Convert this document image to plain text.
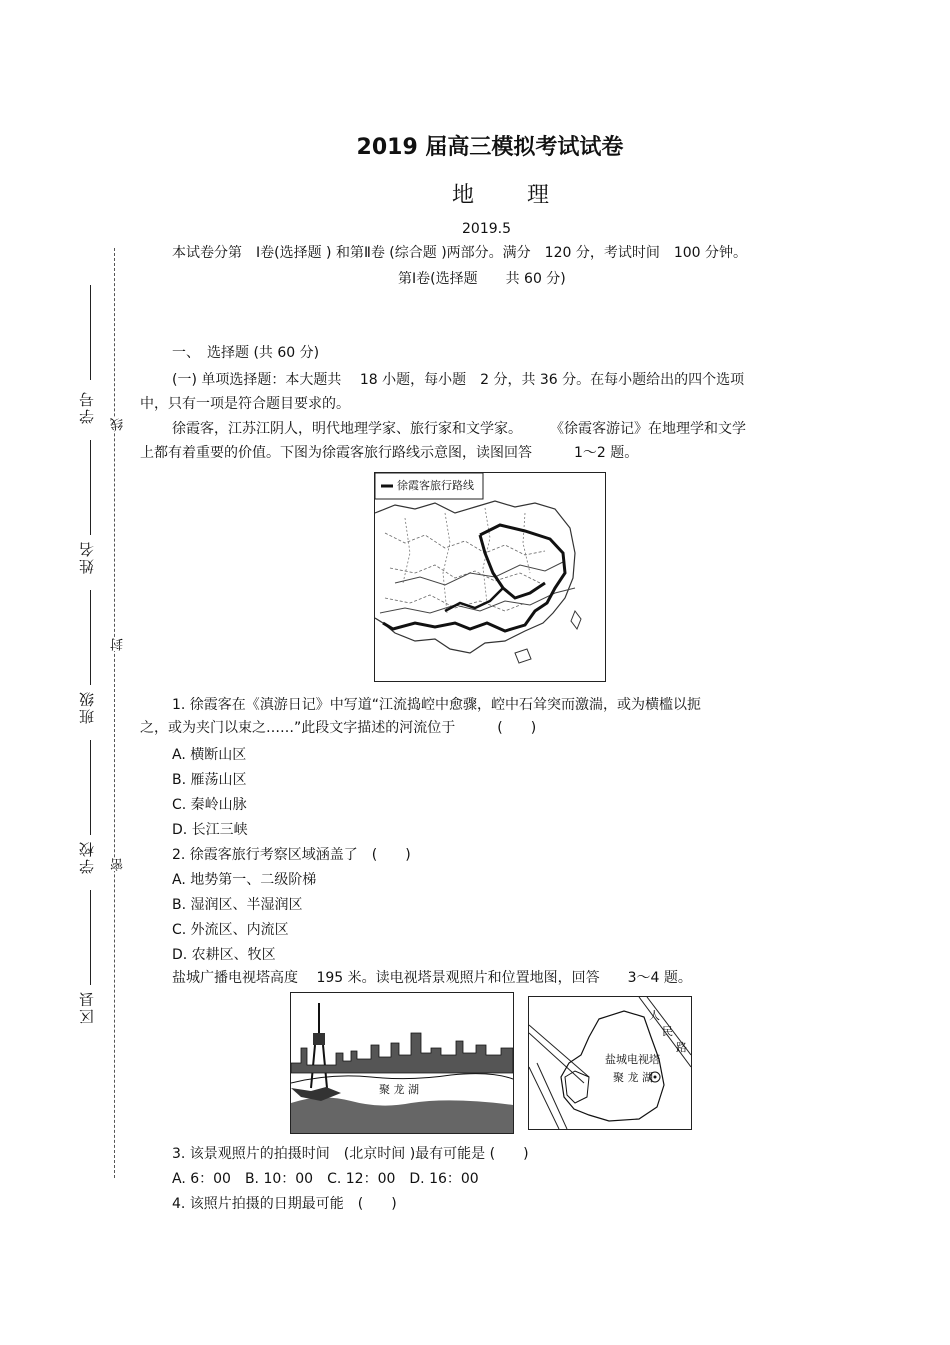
学号
姓名
班级
学校
区县
线
封
密
2019 届高三模拟考试试卷
地 理
2019.5
本试卷分第　Ⅰ卷(选择题 ) 和第Ⅱ卷 (综合题 )两部分。满分　120 分，考试时间　100 分钟。
第Ⅰ卷(选择题　　共 60 分)
一、　选择题 (共 60 分)
(一) 单项选择题：本大题共　 18 小题，每小题　2 分，共 36 分。在每小题给出的四个选项
中，只有一项是符合题目要求的。
徐霞客，江苏江阴人，明代地理学家、旅行家和文学家。　　　《徐霞客游记》在地理学和文学
上都有着重要的价值。下图为徐霞客旅行路线示意图，读图回答　　　1～2 题。
徐霞客旅行路线
1. 徐霞客在《滇游日记》中写道“江流捣崆中愈骤，崆中石耸突而激湍，或为横槛以扼
之，或为夹门以束之……”此段文字描述的河流位于　　　(　　)
A. 横断山区
B. 雁荡山区
C. 秦岭山脉
D. 长江三峡
2. 徐霞客旅行考察区域涵盖了　(　　)
A. 地势第一、二级阶梯
B. 湿润区、半湿润区
C. 外流区、内流区
D. 农耕区、牧区
盐城广播电视塔高度　 195 米。读电视塔景观照片和位置地图，回答　　3～4 题。
聚 龙 湖
人
民
路
盐城电视塔
聚 龙 湖
3. 该景观照片的拍摄时间　(北京时间 )最有可能是 (　　)
A. 6：00　B. 10：00　C. 12：00　D. 16：00
4. 该照片拍摄的日期最可能　(　　)
